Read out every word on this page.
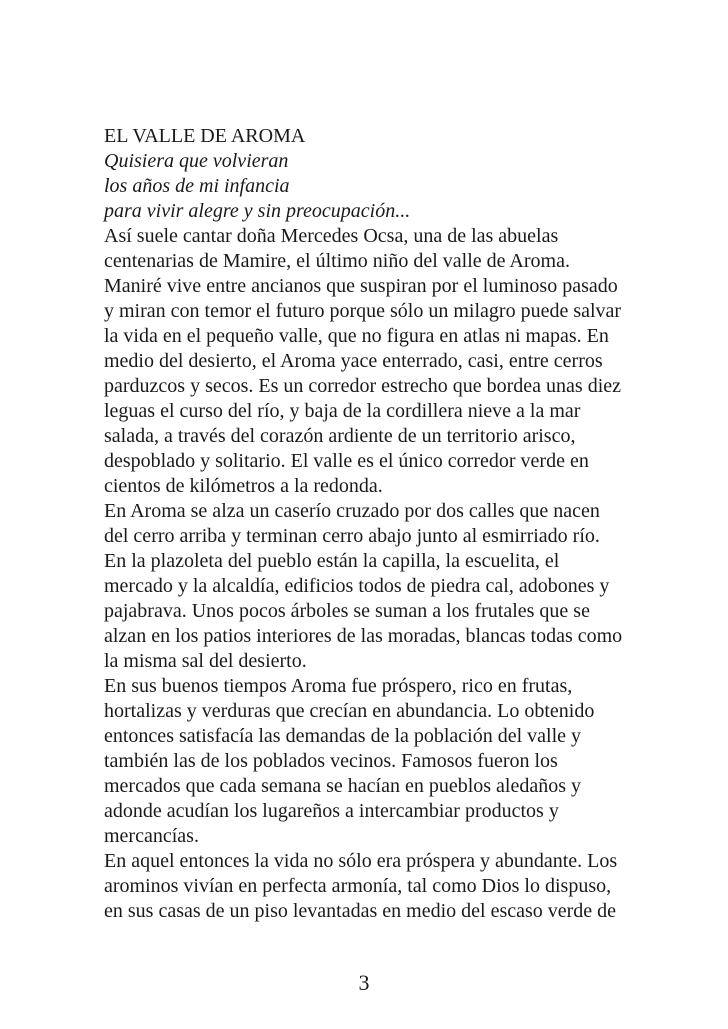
EL VALLE DE AROMA
Quisiera que volvieran
los años de mi infancia
para vivir alegre y sin preocupación...
Así suele cantar doña Mercedes Ocsa, una de las abuelas
centenarias de Mamire, el último niño del valle de Aroma.
Maniré vive entre ancianos que suspiran por el luminoso pasado
y miran con temor el futuro porque sólo un milagro puede salvar
la vida en el pequeño valle, que no figura en atlas ni mapas. En
medio del desierto, el Aroma yace enterrado, casi, entre cerros
parduzcos y secos. Es un corredor estrecho que bordea unas diez
leguas el curso del río, y baja de la cordillera nieve a la mar
salada, a través del corazón ardiente de un territorio arisco,
despoblado y solitario. El valle es el único corredor verde en
cientos de kilómetros a la redonda.
En Aroma se alza un caserío cruzado por dos calles que nacen
del cerro arriba y terminan cerro abajo junto al esmirriado río.
En la plazoleta del pueblo están la capilla, la escuelita, el
mercado y la alcaldía, edificios todos de piedra cal, adobones y
pajabrava. Unos pocos árboles se suman a los frutales que se
alzan en los patios interiores de las moradas, blancas todas como
la misma sal del desierto.
En sus buenos tiempos Aroma fue próspero, rico en frutas,
hortalizas y verduras que crecían en abundancia. Lo obtenido
entonces satisfacía las demandas de la población del valle y
también las de los poblados vecinos. Famosos fueron los
mercados que cada semana se hacían en pueblos aledaños y
adonde acudían los lugareños a intercambiar productos y
mercancías.
En aquel entonces la vida no sólo era próspera y abundante. Los
arominos vivían en perfecta armonía, tal como Dios lo dispuso,
en sus casas de un piso levantadas en medio del escaso verde de
3
